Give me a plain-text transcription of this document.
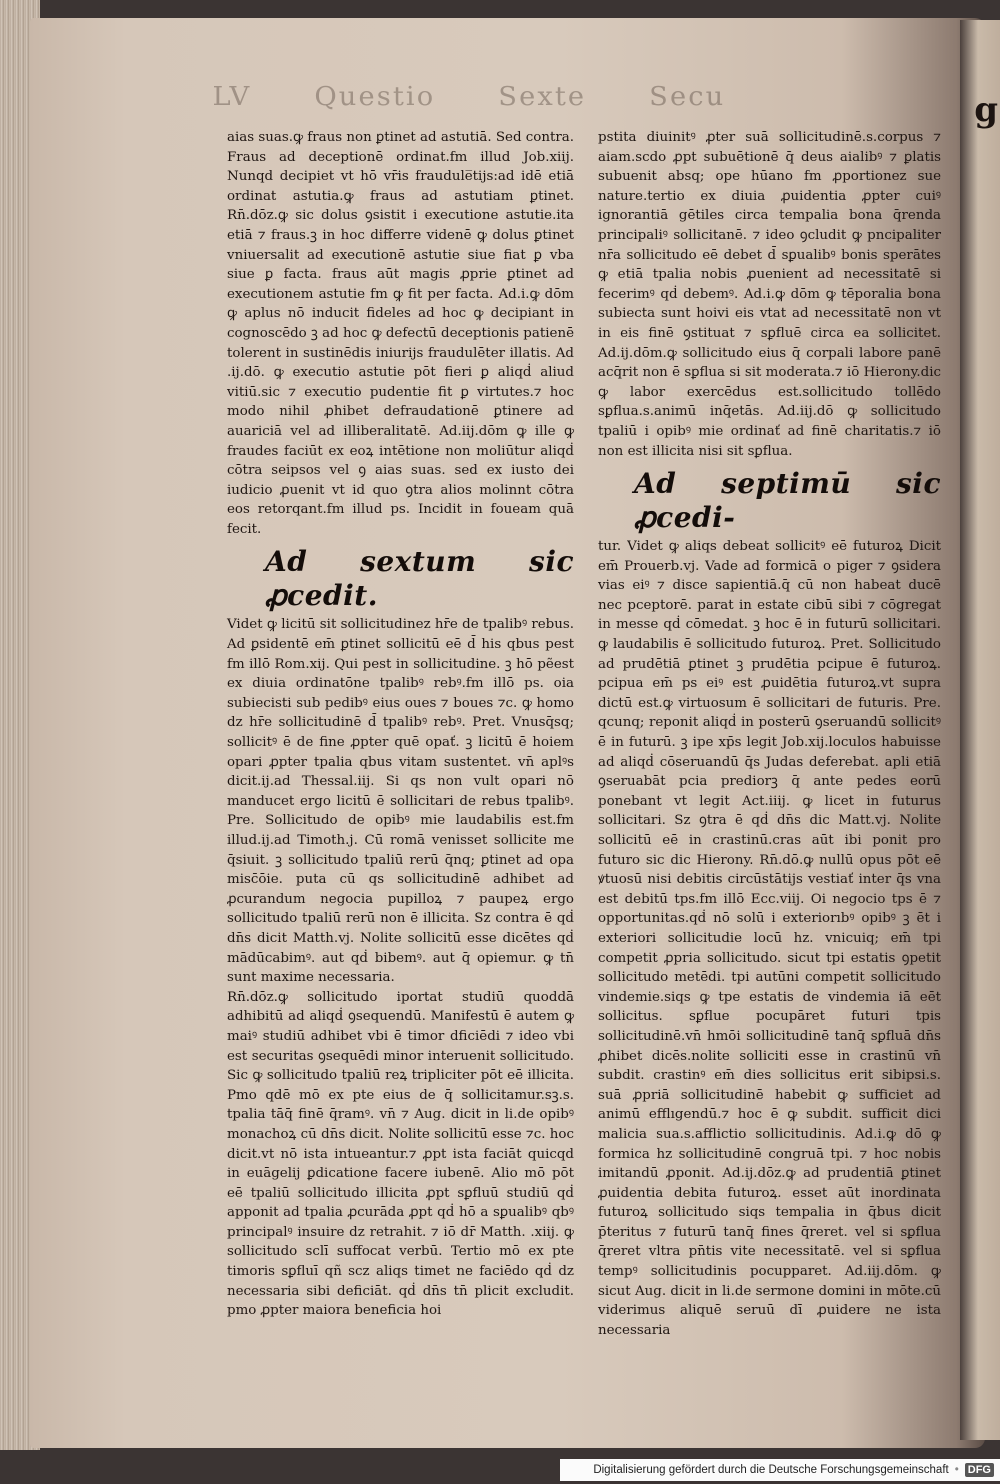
g
LV Questio Sexte Secu

aias suas.ꝙ fraus non ꝑtinet ad astutiā. Sed contra. Fraus ad deceptionē ordinat.fm illud Job.xiij. Nunqd decipiet vt hō vr̄is fraudule̅tijs:ad idē etiā ordinat astutia.ꝙ fraus ad astutiam ꝑtinet. Rn̄.dōz.ꝙ sic dolus ꝯsistit i executione astutie.ita etiā ⁊ fraus.ꝫ in hoc differre videnē ꝙ dolus ꝑtinet vniuersalit ad executionē astutie siue fiat ꝑ vba siue ꝑ facta. fraus aūt magis ꝓprie ꝑtinet ad executionem astutie fm ꝙ fit per facta. Ad.i.ꝙ dōm ꝙ aplus nō inducit fideles ad hoc ꝙ decipiant in cognoscēdo ꝫ ad hoc ꝙ defectū deceptionis patienē tolerent in sustinēdis iniurijs fraudulēter illatis. Ad .ij.dō. ꝙ executio astutie pōt fieri ꝑ aliqḋ aliud vitiū.sic ⁊ executio pudentie fit ꝑ virtutes.⁊ hoc modo nihil ꝓhibet defraudationē ꝑtinere ad auariciā vel ad illiberalitatē. Ad.iij.dōm ꝙ ille ꝙ fraudes faciūt ex eoꝝ intētione non moliūtur aliqḋ cōtra seipsos vel ꝯ aias suas. sed ex iusto dei iudicio ꝓuenit vt id quo ꝯtra alios molinnt cōtra eos retorqant.fm illud ps. Incidit in foueam quā fecit.

Ad sextum sic ꝓcedit.

Videt ꝙ licitū sit sollicitudinez hr̄e de tpalibꝰ rebus. Ad ꝑsidentē em̄ ꝑtinet sollicitū eē d̄ his qbus pest fm illō Rom.xij. Qui pest in sollicitudine. ꝫ hō pẽest ex diuia ordinatōne tpalibꝰ rebꝰ.fm illō ps. oia subiecisti sub pedibꝰ eius oues ⁊ boues ⁊c. ꝙ homo dz hr̄e sollicitudinē d̄ tpalibꝰ rebꝰ. Pret. Vnusq̄sq; sollicitꝰ ē de fine ꝓpter quē opať. ꝫ licitū ē hoiem opari ꝓpter tpalia qbus vitam sustentet. vn̄ aplꝰs dicit.ij.ad Thessal.iij. Si qs non vult opari nō manducet ergo licitū ē sollicitari de rebus tpalibꝰ. Pre. Sollicitudo de opibꝰ mie laudabilis est.fm illud.ij.ad Timoth.j. Cū romā venisset sollicite me q̄siuit. ꝫ sollicitudo tpaliū rerū q̄nq; ꝑtinet ad opa misc̄ōie. puta cū qs sollicitudinē adhibet ad ꝓcurandum negocia pupilloꝝ ⁊ paupeꝝ ergo sollicitudo tpaliū rerū non ē illicita. Sz contra ē qḋ dn̄s dicit Matth.vj. Nolite sollicitū esse dicētes qḋ mādūcabimꝰ. aut qḋ bibemꝰ. aut q̄ opiemur. ꝙ tn̄ sunt maxime necessaria.

Rn̄.dōz.ꝙ sollicitudo iportat studiū quoddā adhibitū ad aliqḋ ꝯsequendū. Manifestū ē autem ꝙ maiꝰ studiū adhibet vbi ē timor dficiēdi ⁊ ideo vbi est securitas ꝯsequēdi minor interuenit sollicitudo. Sic ꝙ sollicitudo tpaliū reꝝ tripliciter pōt eē illicita. Pmo qdē mō ex pte eius de q̄ sollicitamur.sꝫ.s. tpalia tāq̄ finē q̄ramꝰ. vn̄ ⁊ Aug. dicit in li.de opibꝰ monachoꝝ cū dn̄s dicit. Nolite sollicitū esse ⁊c. hoc dicit.vt nō ista intueantur.⁊ ꝓpt ista faciāt quicqd in euāgelij ꝑdicatione facere iubenē. Alio mō pōt eē tpaliū sollicitudo illicita ꝓpt sꝑfluū studiū qḋ apponit ad tpalia ꝓcurāda ꝓpt qḋ hō a sꝑualibꝰ qbꝰ principalꝰ insuire dz retrahit. ⁊ iō dr̄ Matth. .xiij. ꝙ sollicitudo sclī suffocat verbū. Tertio mō ex pte timoris sꝑfluī qñ scz aliqs timet ne faciēdo qḋ dz necessaria sibi deficiāt. qḋ dn̄s tn̄ plicit excludit. pmo ꝓpter maiora beneficia hoi

pstita diuinitꝰ ꝓter suā sollicitudinē.s.corpus ⁊ aiam.scdo ꝓpt subuētionē q̄ deus aialibꝰ ⁊ ꝑlatis subuenit absq; ope hūano fm ꝓportionez sue nature.tertio ex diuia ꝓuidentia ꝓpter cuiꝰ ignorantiā gētiles circa tempalia bona q̄renda principaliꝰ sollicitanē. ⁊ ideo ꝯcludit ꝙ pncipaliter nr̄a sollicitudo eē debet d̄ sꝑualibꝰ bonis sperātes ꝙ etiā tpalia nobis ꝓuenient ad necessitatē si fecerimꝰ qḋ debemꝰ. Ad.i.ꝙ dōm ꝙ tēporalia bona subiecta sunt hoivi eis vtat ad necessitatē non vt in eis finē ꝯstituat ⁊ sꝑfluē circa ea sollicitet. Ad.ij.dōm.ꝙ sollicitudo eius q̄ corpali labore panē acq̄rit non ē sꝑflua si sit moderata.⁊ iō Hierony.dic ꝙ labor exercēdus est.sollicitudo tollēdo sꝑflua.s.animū inq̄etās. Ad.iij.dō ꝙ sollicitudo tpaliū i opibꝰ mie ordinať ad finē charitatis.⁊ iō non est illicita nisi sit sꝑflua.

Ad septimū sic ꝓcedi-

tur. Videt ꝙ aliqs debeat sollicitꝰ eē futuroꝝ Dicit em̄ Prouerb.vj. Vade ad formicā o piger ⁊ ꝯsidera vias eiꝰ ⁊ disce sapientiā.q̄ cū non habeat ducē nec pceptorē. parat in estate cibū sibi ⁊ cōgregat in messe qḋ cōmedat. ꝫ hoc ē in futurū sollicitari. ꝙ laudabilis ē sollicitudo futuroꝝ. Pret. Sollicitudo ad prudētiā ꝑtinet ꝫ prudētia pcipue ē futuroꝝ. pcipua em̄ ps eiꝰ est ꝓuidētia futuroꝝ.vt supra dictū est.ꝙ virtuosum ē sollicitari de futuris. Pre. qcunq; reponit aliqḋ in posterū ꝯseruandū sollicitꝰ ē in futurū. ꝫ ipe xp̄s legit Job.xij.loculos habuisse ad aliqḋ cōseruandū q̄s Judas deferebat. apli etiā ꝯseruabāt pcia prediorꝫ q̄ ante pedes eorū ponebant vt legit Act.iiij. ꝙ licet in futurus sollicitari. Sz ꝯtra ē qḋ dn̄s dic Matt.vj. Nolite sollicitū eē in crastinū.cras aūt ibi ponit pro futuro sic dic Hierony. Rn̄.dō.ꝙ nullū opus pōt eē ꝟtuosū nisi debitis circūstātijs vestiať inter q̄s vna est debitū tps.fm illō Ecc.viij. Oi negocio tps ē ⁊ opportunitas.qḋ nō solū i exteriorıbꝰ opibꝰ ꝫ ēt i exteriori sollicitudie locū hz. vnicuiq; em̄ tpi competit ꝓpria sollicitudo. sicut tpi estatis ꝯpetit sollicitudo metēdi. tpi autūni competit sollicitudo vindemie.siqs ꝙ tpe estatis de vindemia iā eēt sollicitus. sꝑflue pocupāret futuri tpis sollicitudinē.vn̄ hmōi sollicitudinē tanq̄ sꝑfluā dn̄s ꝓhibet dicēs.nolite solliciti esse in crastinū vn̄ subdit. crastinꝰ em̄ dies sollicitus erit sibipsi.s. suā ꝓpriā sollicitudinē habebit ꝙ sufficiet ad animū efflıgendū.⁊ hoc ē ꝙ subdit. sufficit dici malicia sua.s.afflictio sollicitudinis. Ad.i.ꝙ dō ꝙ formica hz sollicitudinē congruā tpi. ⁊ hoc nobis imitandū ꝓponit. Ad.ij.dōz.ꝙ ad prudentiā ꝑtinet ꝓuidentia debita futuroꝝ. esset aūt inordinata futuroꝝ sollicitudo siqs tempalia in q̄bus dicit p̄teritus ⁊ futurū tanq̄ fines q̄reret. vel si sꝑflua q̄reret vltra pn̄tis vite necessitatē. vel si sꝑflua tempꝰ sollicitudinis pocupparet. Ad.iij.dōm. ꝙ sicut Aug. dicit in li.de sermone domini in mōte.cū viderimus aliquē seruū dī ꝓuidere ne ista necessaria

Digitalisierung gefördert durch die Deutsche Forschungsgemeinschaft • DFG
